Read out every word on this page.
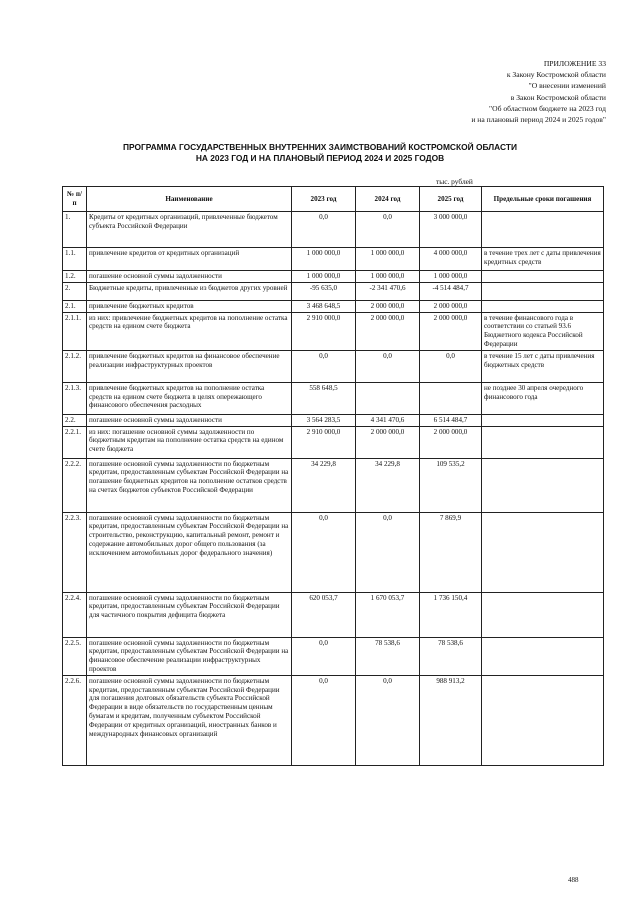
ПРИЛОЖЕНИЕ 33
к Закону Костромской области
"О внесении изменений
в Закон Костромской области
"Об областном бюджете на 2023 год
и на плановый период 2024 и 2025 годов"
ПРОГРАММА ГОСУДАРСТВЕННЫХ ВНУТРЕННИХ ЗАИМСТВОВАНИЙ КОСТРОМСКОЙ ОБЛАСТИ
НА 2023 ГОД И НА ПЛАНОВЫЙ ПЕРИОД 2024 И 2025 ГОДОВ
тыс. рублей
№ п/п	Наименование	2023 год	2024 год	2025 год	Предельные сроки погашения
1.	Кредиты от кредитных организаций, привлеченные бюджетом субъекта Российской Федерации	0,0	0,0	3 000 000,0	
1.1.	привлечение кредитов от кредитных организаций	1 000 000,0	1 000 000,0	4 000 000,0	в течение трех лет с даты привлечения кредитных средств
1.2.	погашение основной суммы задолженности	1 000 000,0	1 000 000,0	1 000 000,0	
2.	Бюджетные кредиты, привлеченные из бюджетов других уровней	-95 635,0	-2 341 470,6	-4 514 484,7	
2.1.	привлечение бюджетных кредитов	3 468 648,5	2 000 000,0	2 000 000,0	
2.1.1.	из них: привлечение бюджетных кредитов на пополнение остатка средств на едином счете бюджета	2 910 000,0	2 000 000,0	2 000 000,0	в течение финансового года в соответствии со статьей 93.6 Бюджетного кодекса Российской Федерации
2.1.2.	привлечение бюджетных кредитов на финансовое обеспечение реализации инфраструктурных проектов	0,0	0,0	0,0	в течение 15 лет с даты привлечения бюджетных средств
2.1.3.	привлечение бюджетных кредитов на пополнение остатка средств на едином счете бюджета в целях опережающего финансового обеспечения расходных	558 648,5			не позднее 30 апреля очередного финансового года
2.2.	погашение основной суммы задолженности	3 564 283,5	4 341 470,6	6 514 484,7	
2.2.1.	из них: погашение основной суммы задолженности по бюджетным кредитам на пополнение остатка средств на едином счете бюджета	2 910 000,0	2 000 000,0	2 000 000,0	
2.2.2.	погашение основной суммы задолженности по бюджетным кредитам, предоставленным субъектам Российской Федерации на погашение бюджетных кредитов на пополнение остатков средств на счетах бюджетов субъектов Российской Федерации	34 229,8	34 229,8	109 535,2	
2.2.3.	погашение основной суммы задолженности по бюджетным кредитам, предоставленным субъектам Российской Федерации на строительство, реконструкцию, капитальный ремонт, ремонт и содержание автомобильных дорог общего пользования (за исключением автомобильных дорог федерального значения)	0,0	0,0	7 869,9	
2.2.4.	погашение основной суммы задолженности по бюджетным кредитам, предоставленным субъектам Российской Федерации для частичного покрытия дефицита бюджета	620 053,7	1 670 053,7	1 736 150,4	
2.2.5.	погашение основной суммы задолженности по бюджетным кредитам, предоставленным субъектам Российской Федерации на финансовое обеспечение реализации инфраструктурных проектов	0,0	78 538,6	78 538,6	
2.2.6.	погашение основной суммы задолженности по бюджетным кредитам, предоставленным субъектам Российской Федерации для погашения долговых обязательств субъекта Российской Федерации в виде обязательств по государственным ценным бумагам и кредитам, полученным субъектом Российской Федерации от кредитных организаций, иностранных банков и международных финансовых организаций	0,0	0,0	988 913,2	
488
